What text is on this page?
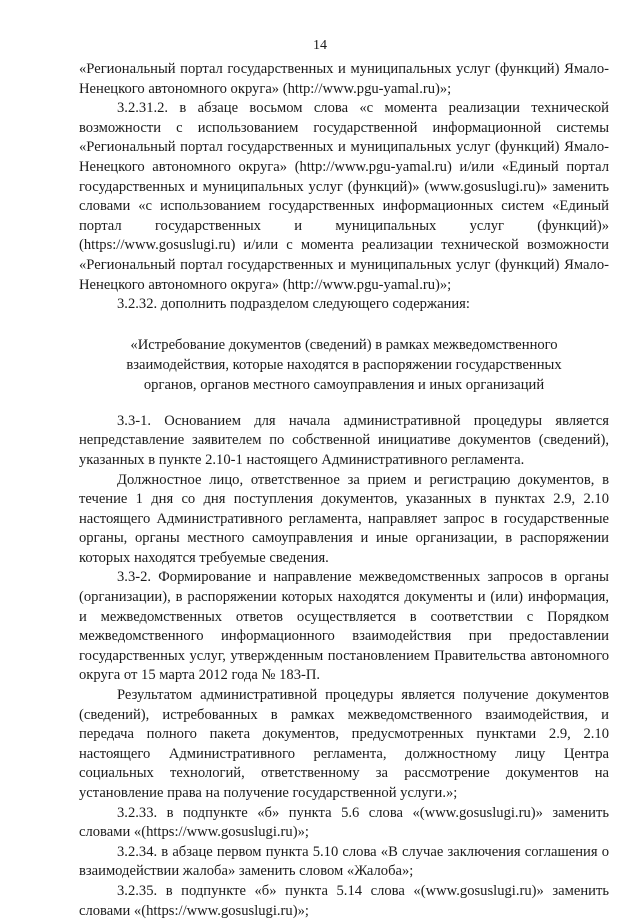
14

«Региональный портал государственных и муниципальных услуг (функций) Ямало-Ненецкого автономного округа» (http://www.pgu-yamal.ru)»;

3.2.31.2. в абзаце восьмом слова «с момента реализации технической возможности с использованием государственной информационной системы «Региональный портал государственных и муниципальных услуг (функций) Ямало-Ненецкого автономного округа» (http://www.pgu-yamal.ru) и/или «Единый портал государственных и муниципальных услуг (функций)» (www.gosuslugi.ru)» заменить словами «с использованием государственных информационных систем «Единый портал государственных и муниципальных услуг (функций)» (https://www.gosuslugi.ru) и/или с момента реализации технической возможности «Региональный портал государственных и муниципальных услуг (функций) Ямало-Ненецкого автономного округа» (http://www.pgu-yamal.ru)»;

3.2.32. дополнить подразделом следующего содержания:

«Истребование документов (сведений) в рамках межведомственного
взаимодействия, которые находятся в распоряжении государственных
органов, органов местного самоуправления и иных организаций

3.3-1. Основанием для начала административной процедуры является непредставление заявителем по собственной инициативе документов (сведений), указанных в пункте 2.10-1 настоящего Административного регламента.

Должностное лицо, ответственное за прием и регистрацию документов, в течение 1 дня со дня поступления документов, указанных в пунктах 2.9, 2.10 настоящего Административного регламента, направляет запрос в государственные органы, органы местного самоуправления и иные организации, в распоряжении которых находятся требуемые сведения.

3.3-2. Формирование и направление межведомственных запросов в органы (организации), в распоряжении которых находятся документы и (или) информация, и межведомственных ответов осуществляется в соответствии с Порядком межведомственного информационного взаимодействия при предоставлении государственных услуг, утвержденным постановлением Правительства автономного округа от 15 марта 2012 года № 183-П.

Результатом административной процедуры является получение документов (сведений), истребованных в рамках межведомственного взаимодействия, и передача полного пакета документов, предусмотренных пунктами 2.9, 2.10 настоящего Административного регламента, должностному лицу Центра социальных технологий, ответственному за рассмотрение документов на установление права на получение государственной услуги.»;

3.2.33. в подпункте «б» пункта 5.6 слова «(www.gosuslugi.ru)» заменить словами «(https://www.gosuslugi.ru)»;

3.2.34. в абзаце первом пункта 5.10 слова «В случае заключения соглашения о взаимодействии жалоба» заменить словом «Жалоба»;

3.2.35. в подпункте «б» пункта 5.14 слова «(www.gosuslugi.ru)» заменить словами «(https://www.gosuslugi.ru)»;
